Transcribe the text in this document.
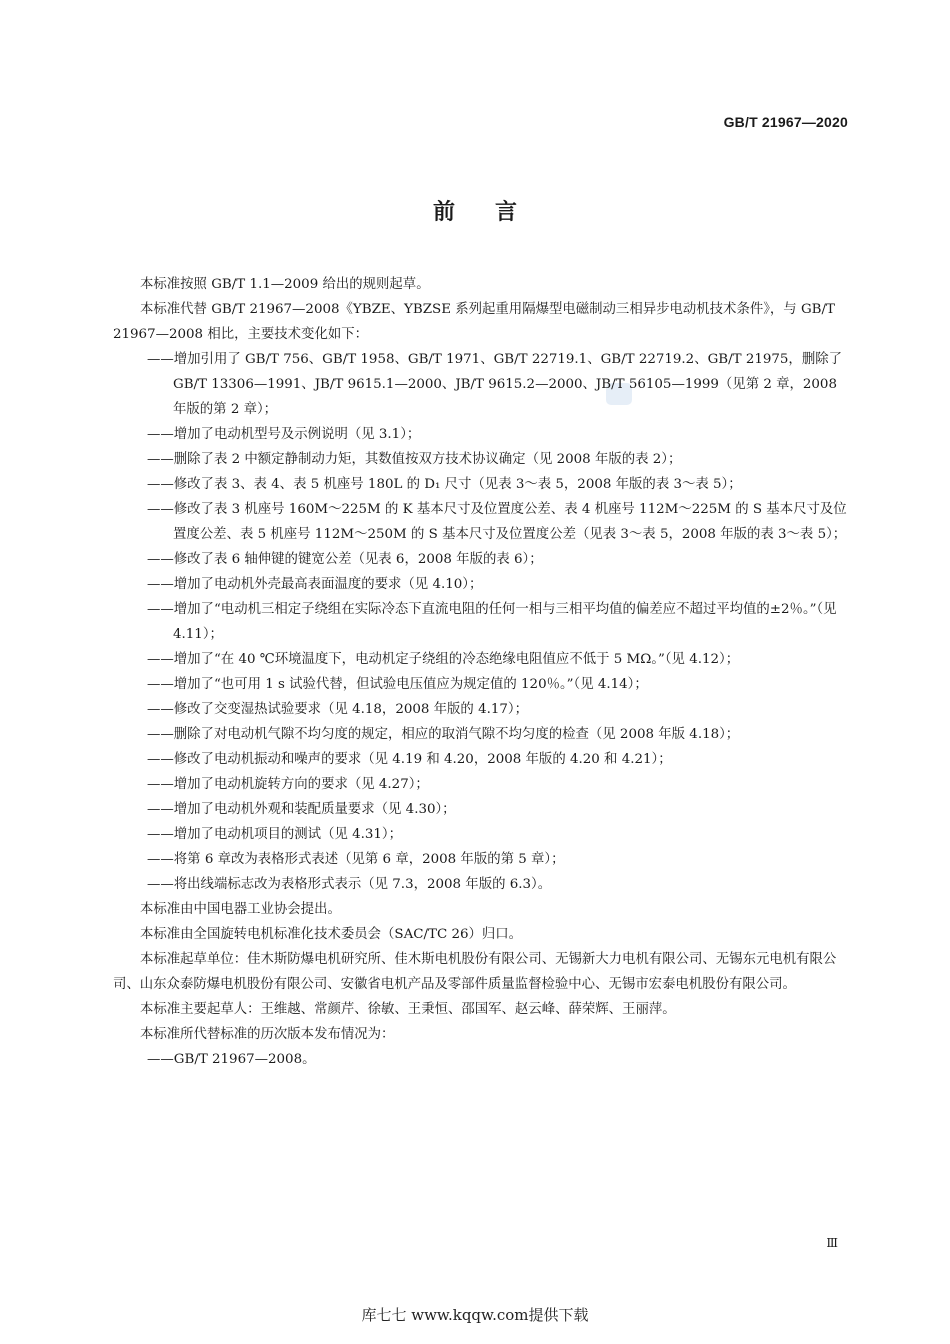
GB/T 21967—2020
前言

本标准按照 GB/T 1.1—2009 给出的规则起草。

本标准代替 GB/T 21967—2008《YBZE、YBZSE 系列起重用隔爆型电磁制动三相异步电动机技术条件》，与 GB/T 21967—2008 相比，主要技术变化如下：

——增加引用了 GB/T 756、GB/T 1958、GB/T 1971、GB/T 22719.1、GB/T 22719.2、GB/T 21975，删除了 GB/T 13306—1991、JB/T 9615.1—2000、JB/T 9615.2—2000、JB/T 56105—1999（见第 2 章，2008 年版的第 2 章）；

——增加了电动机型号及示例说明（见 3.1）；

——删除了表 2 中额定静制动力矩，其数值按双方技术协议确定（见 2008 年版的表 2）；

——修改了表 3、表 4、表 5 机座号 180L 的 D₁ 尺寸（见表 3～表 5，2008 年版的表 3～表 5）；

——修改了表 3 机座号 160M～225M 的 K 基本尺寸及位置度公差、表 4 机座号 112M～225M 的 S 基本尺寸及位置度公差、表 5 机座号 112M～250M 的 S 基本尺寸及位置度公差（见表 3～表 5，2008 年版的表 3～表 5）；

——修改了表 6 轴伸键的键宽公差（见表 6，2008 年版的表 6）；

——增加了电动机外壳最高表面温度的要求（见 4.10）；

——增加了“电动机三相定子绕组在实际冷态下直流电阻的任何一相与三相平均值的偏差应不超过平均值的±2％。”（见 4.11）；

——增加了“在 40 ℃环境温度下，电动机定子绕组的冷态绝缘电阻值应不低于 5 MΩ。”（见 4.12）；

——增加了“也可用 1 s 试验代替，但试验电压值应为规定值的 120％。”（见 4.14）；

——修改了交变湿热试验要求（见 4.18，2008 年版的 4.17）；

——删除了对电动机气隙不均匀度的规定，相应的取消气隙不均匀度的检查（见 2008 年版 4.18）；

——修改了电动机振动和噪声的要求（见 4.19 和 4.20，2008 年版的 4.20 和 4.21）；

——增加了电动机旋转方向的要求（见 4.27）；

——增加了电动机外观和装配质量要求（见 4.30）；

——增加了电动机项目的测试（见 4.31）；

——将第 6 章改为表格形式表述（见第 6 章，2008 年版的第 5 章）；

——将出线端标志改为表格形式表示（见 7.3，2008 年版的 6.3）。

本标准由中国电器工业协会提出。

本标准由全国旋转电机标准化技术委员会（SAC/TC 26）归口。

本标准起草单位：佳木斯防爆电机研究所、佳木斯电机股份有限公司、无锡新大力电机有限公司、无锡东元电机有限公司、山东众泰防爆电机股份有限公司、安徽省电机产品及零部件质量监督检验中心、无锡市宏泰电机股份有限公司。

本标准主要起草人：王维越、常颜芹、徐敏、王秉恒、邵国军、赵云峰、薛荣辉、王丽萍。

本标准所代替标准的历次版本发布情况为：

——GB/T 21967—2008。

Ⅲ
库七七 www.kqqw.com提供下载
